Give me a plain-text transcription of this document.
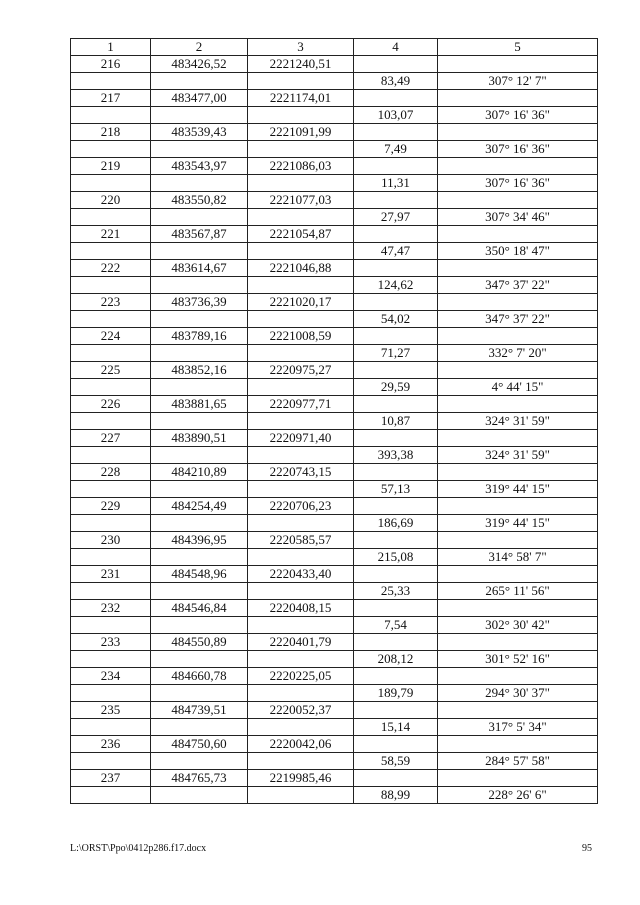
1	2	3	4	5
216	483426,52	2221240,51		
			83,49	307° 12' 7"
217	483477,00	2221174,01		
			103,07	307° 16' 36"
218	483539,43	2221091,99		
			7,49	307° 16' 36"
219	483543,97	2221086,03		
			11,31	307° 16' 36"
220	483550,82	2221077,03		
			27,97	307° 34' 46"
221	483567,87	2221054,87		
			47,47	350° 18' 47"
222	483614,67	2221046,88		
			124,62	347° 37' 22"
223	483736,39	2221020,17		
			54,02	347° 37' 22"
224	483789,16	2221008,59		
			71,27	332° 7' 20"
225	483852,16	2220975,27		
			29,59	4° 44' 15"
226	483881,65	2220977,71		
			10,87	324° 31' 59"
227	483890,51	2220971,40		
			393,38	324° 31' 59"
228	484210,89	2220743,15		
			57,13	319° 44' 15"
229	484254,49	2220706,23		
			186,69	319° 44' 15"
230	484396,95	2220585,57		
			215,08	314° 58' 7"
231	484548,96	2220433,40		
			25,33	265° 11' 56"
232	484546,84	2220408,15		
			7,54	302° 30' 42"
233	484550,89	2220401,79		
			208,12	301° 52' 16"
234	484660,78	2220225,05		
			189,79	294° 30' 37"
235	484739,51	2220052,37		
			15,14	317° 5' 34"
236	484750,60	2220042,06		
			58,59	284° 57' 58"
237	484765,73	2219985,46		
			88,99	228° 26' 6"
L:\ORST\Ppo\0412p286.f17.docx	95
